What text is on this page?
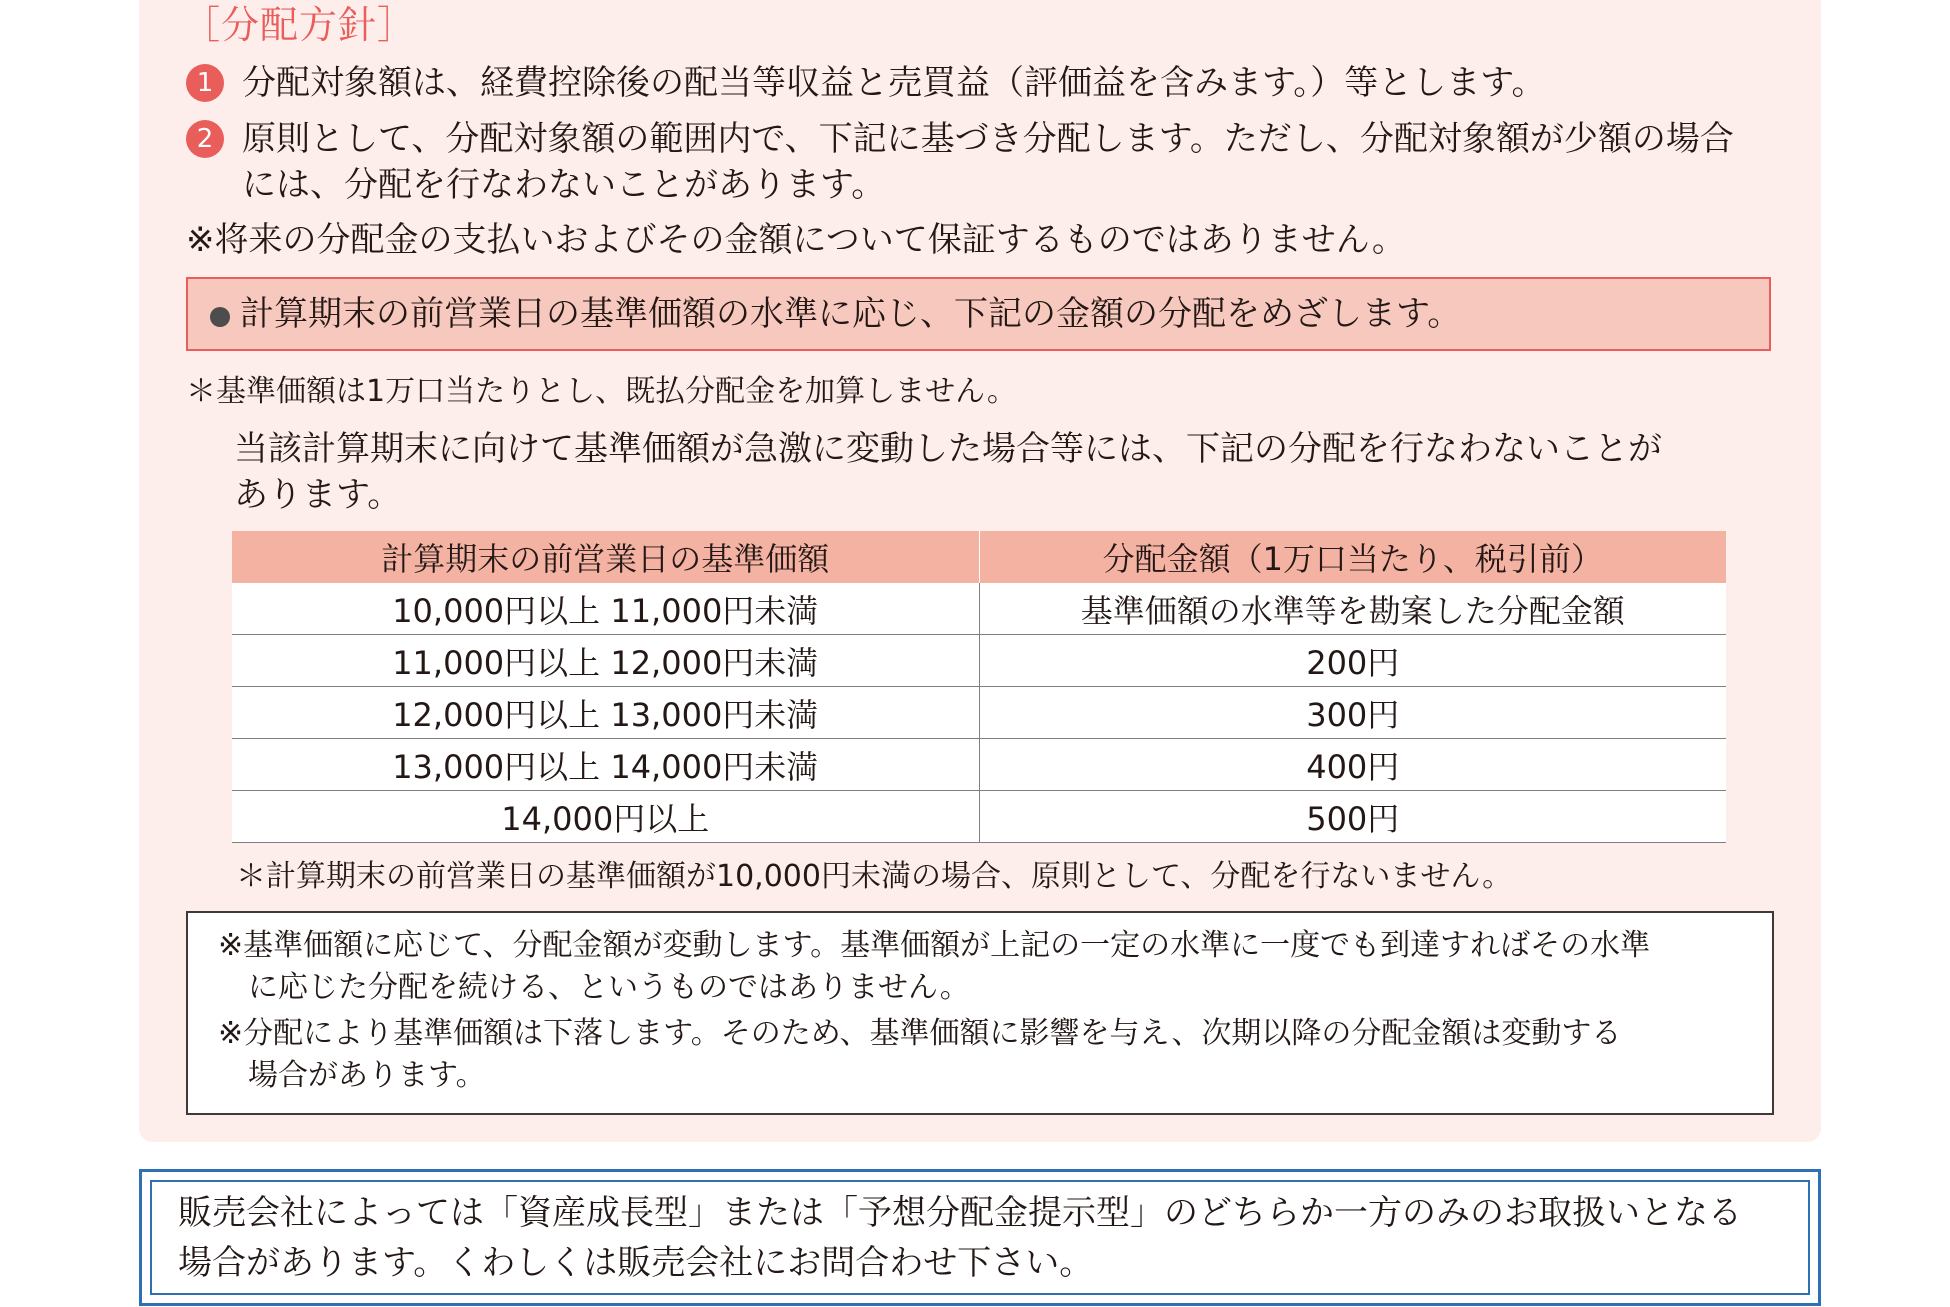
［分配方針］
1 分配対象額は、経費控除後の配当等収益と売買益（評価益を含みます。）等とします。
2 原則として、分配対象額の範囲内で、下記に基づき分配します。ただし、分配対象額が少額の場合
には、分配を行なわないことがあります。
※将来の分配金の支払いおよびその金額について保証するものではありません。
計算期末の前営業日の基準価額の水準に応じ、下記の金額の分配をめざします。
＊基準価額は1万口当たりとし、既払分配金を加算しません。
当該計算期末に向けて基準価額が急激に変動した場合等には、下記の分配を行なわないことが
あります。
計算期末の前営業日の基準価額	分配金額（1万口当たり、税引前）
10,000円以上 11,000円未満	基準価額の水準等を勘案した分配金額
11,000円以上 12,000円未満	200円
12,000円以上 13,000円未満	300円
13,000円以上 14,000円未満	400円
14,000円以上	500円
＊計算期末の前営業日の基準価額が10,000円未満の場合、原則として、分配を行ないません。
※基準価額に応じて、分配金額が変動します。基準価額が上記の一定の水準に一度でも到達すればその水準
　に応じた分配を続ける、というものではありません。
※分配により基準価額は下落します。そのため、基準価額に影響を与え、次期以降の分配金額は変動する
　場合があります。
販売会社によっては「資産成長型」または「予想分配金提示型」のどちらか一方のみのお取扱いとなる
場合があります。くわしくは販売会社にお問合わせ下さい。
